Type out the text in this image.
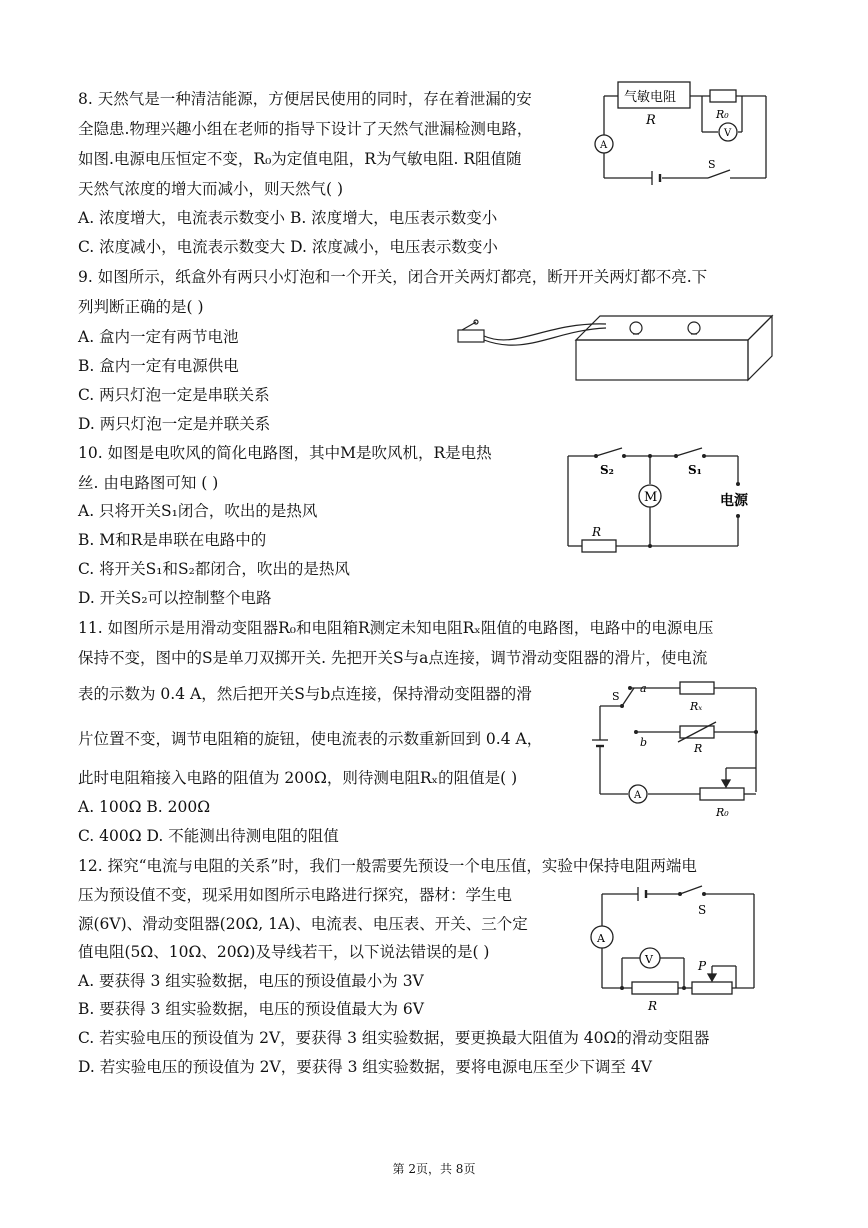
8. 天然气是一种清洁能源，方便居民使用的同时，存在着泄漏的安
全隐患.物理兴趣小组在老师的指导下设计了天然气泄漏检测电路，
如图.电源电压恒定不变，R₀为定值电阻，R为气敏电阻. R阻值随
天然气浓度的增大而减小，则天然气( )
A. 浓度增大，电流表示数变小 B. 浓度增大，电压表示数变小
C. 浓度减小，电流表示数变大 D. 浓度减小，电压表示数变小
气敏电阻
R	R₀
V
A
S
9. 如图所示，纸盒外有两只小灯泡和一个开关，闭合开关两灯都亮，断开开关两灯都不亮.下
列判断正确的是( )
A. 盒内一定有两节电池
B. 盒内一定有电源供电
C. 两只灯泡一定是串联关系
D. 两只灯泡一定是并联关系
10. 如图是电吹风的简化电路图，其中M是吹风机，R是电热
丝. 由电路图可知 ( )
A. 只将开关S₁闭合，吹出的是热风
B. M和R是串联在电路中的
C. 将开关S₁和S₂都闭合，吹出的是热风
D. 开关S₂可以控制整个电路
S₂	S₁
M	电源
R
11. 如图所示是用滑动变阻器R₀和电阻箱R测定未知电阻Rₓ阻值的电路图，电路中的电源电压
保持不变，图中的S是单刀双掷开关. 先把开关S与a点连接，调节滑动变阻器的滑片，使电流
表的示数为 0.4 A，然后把开关S与b点连接，保持滑动变阻器的滑
片位置不变，调节电阻箱的旋钮，使电流表的示数重新回到 0.4 A，
此时电阻箱接入电路的阻值为 200Ω，则待测电阻Rₓ的阻值是( )
A. 100Ω B. 200Ω
C. 400Ω D. 不能测出待测电阻的阻值
S
a
b
Rₓ
R
A
R₀
12. 探究“电流与电阻的关系”时，我们一般需要先预设一个电压值，实验中保持电阻两端电
压为预设值不变，现采用如图所示电路进行探究，器材：学生电
源(6V)、滑动变阻器(20Ω, 1A)、电流表、电压表、开关、三个定
值电阻(5Ω、10Ω、20Ω)及导线若干，以下说法错误的是( )
A. 要获得 3 组实验数据，电压的预设值最小为 3V
B. 要获得 3 组实验数据，电压的预设值最大为 6V
C. 若实验电压的预设值为 2V，要获得 3 组实验数据，要更换最大阻值为 40Ω的滑动变阻器
D. 若实验电压的预设值为 2V，要获得 3 组实验数据，要将电源电压至少下调至 4V
S
A
V	P
R
第 2页，共 8页
